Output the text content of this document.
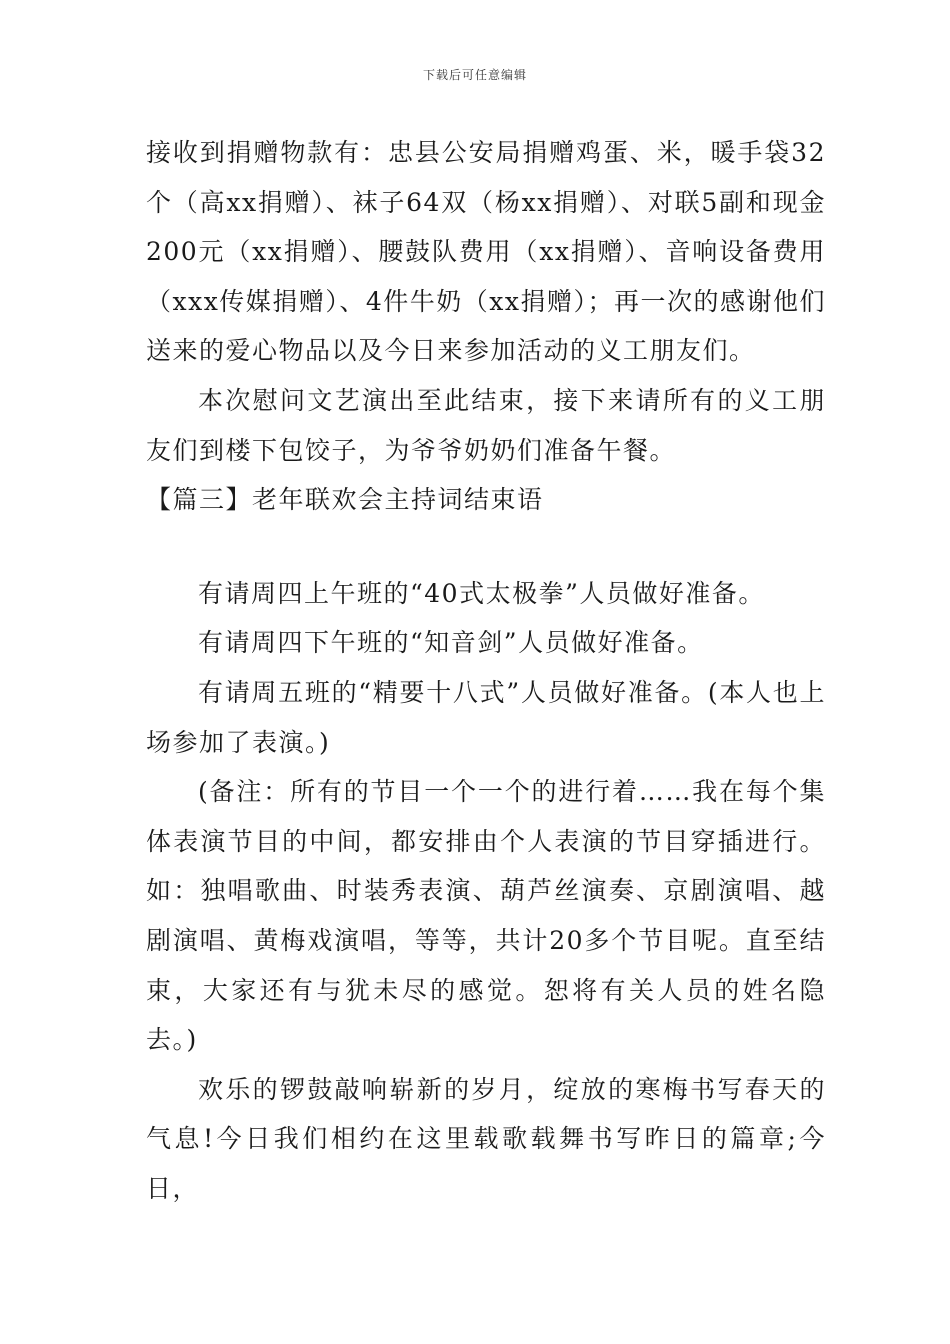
下载后可任意编辑

接收到捐赠物款有：忠县公安局捐赠鸡蛋、米，暖手袋32个（高xx捐赠）、袜子64双（杨xx捐赠）、对联5副和现金200元（xx捐赠）、腰鼓队费用（xx捐赠）、音响设备费用（xxx传媒捐赠）、4件牛奶（xx捐赠）；再一次的感谢他们送来的爱心物品以及今日来参加活动的义工朋友们。

本次慰问文艺演出至此结束，接下来请所有的义工朋友们到楼下包饺子，为爷爷奶奶们准备午餐。

【篇三】老年联欢会主持词结束语

有请周四上午班的“40式太极拳”人员做好准备。

有请周四下午班的“知音剑”人员做好准备。

有请周五班的“精要十八式”人员做好准备。(本人也上场参加了表演。)

(备注：所有的节目一个一个的进行着……我在每个集体表演节目的中间，都安排由个人表演的节目穿插进行。如：独唱歌曲、时装秀表演、葫芦丝演奏、京剧演唱、越剧演唱、黄梅戏演唱，等等，共计20多个节目呢。直至结束，大家还有与犹未尽的感觉。恕将有关人员的姓名隐去。)

欢乐的锣鼓敲响崭新的岁月，绽放的寒梅书写春天的气息!今日我们相约在这里载歌载舞书写昨日的篇章;今日，
